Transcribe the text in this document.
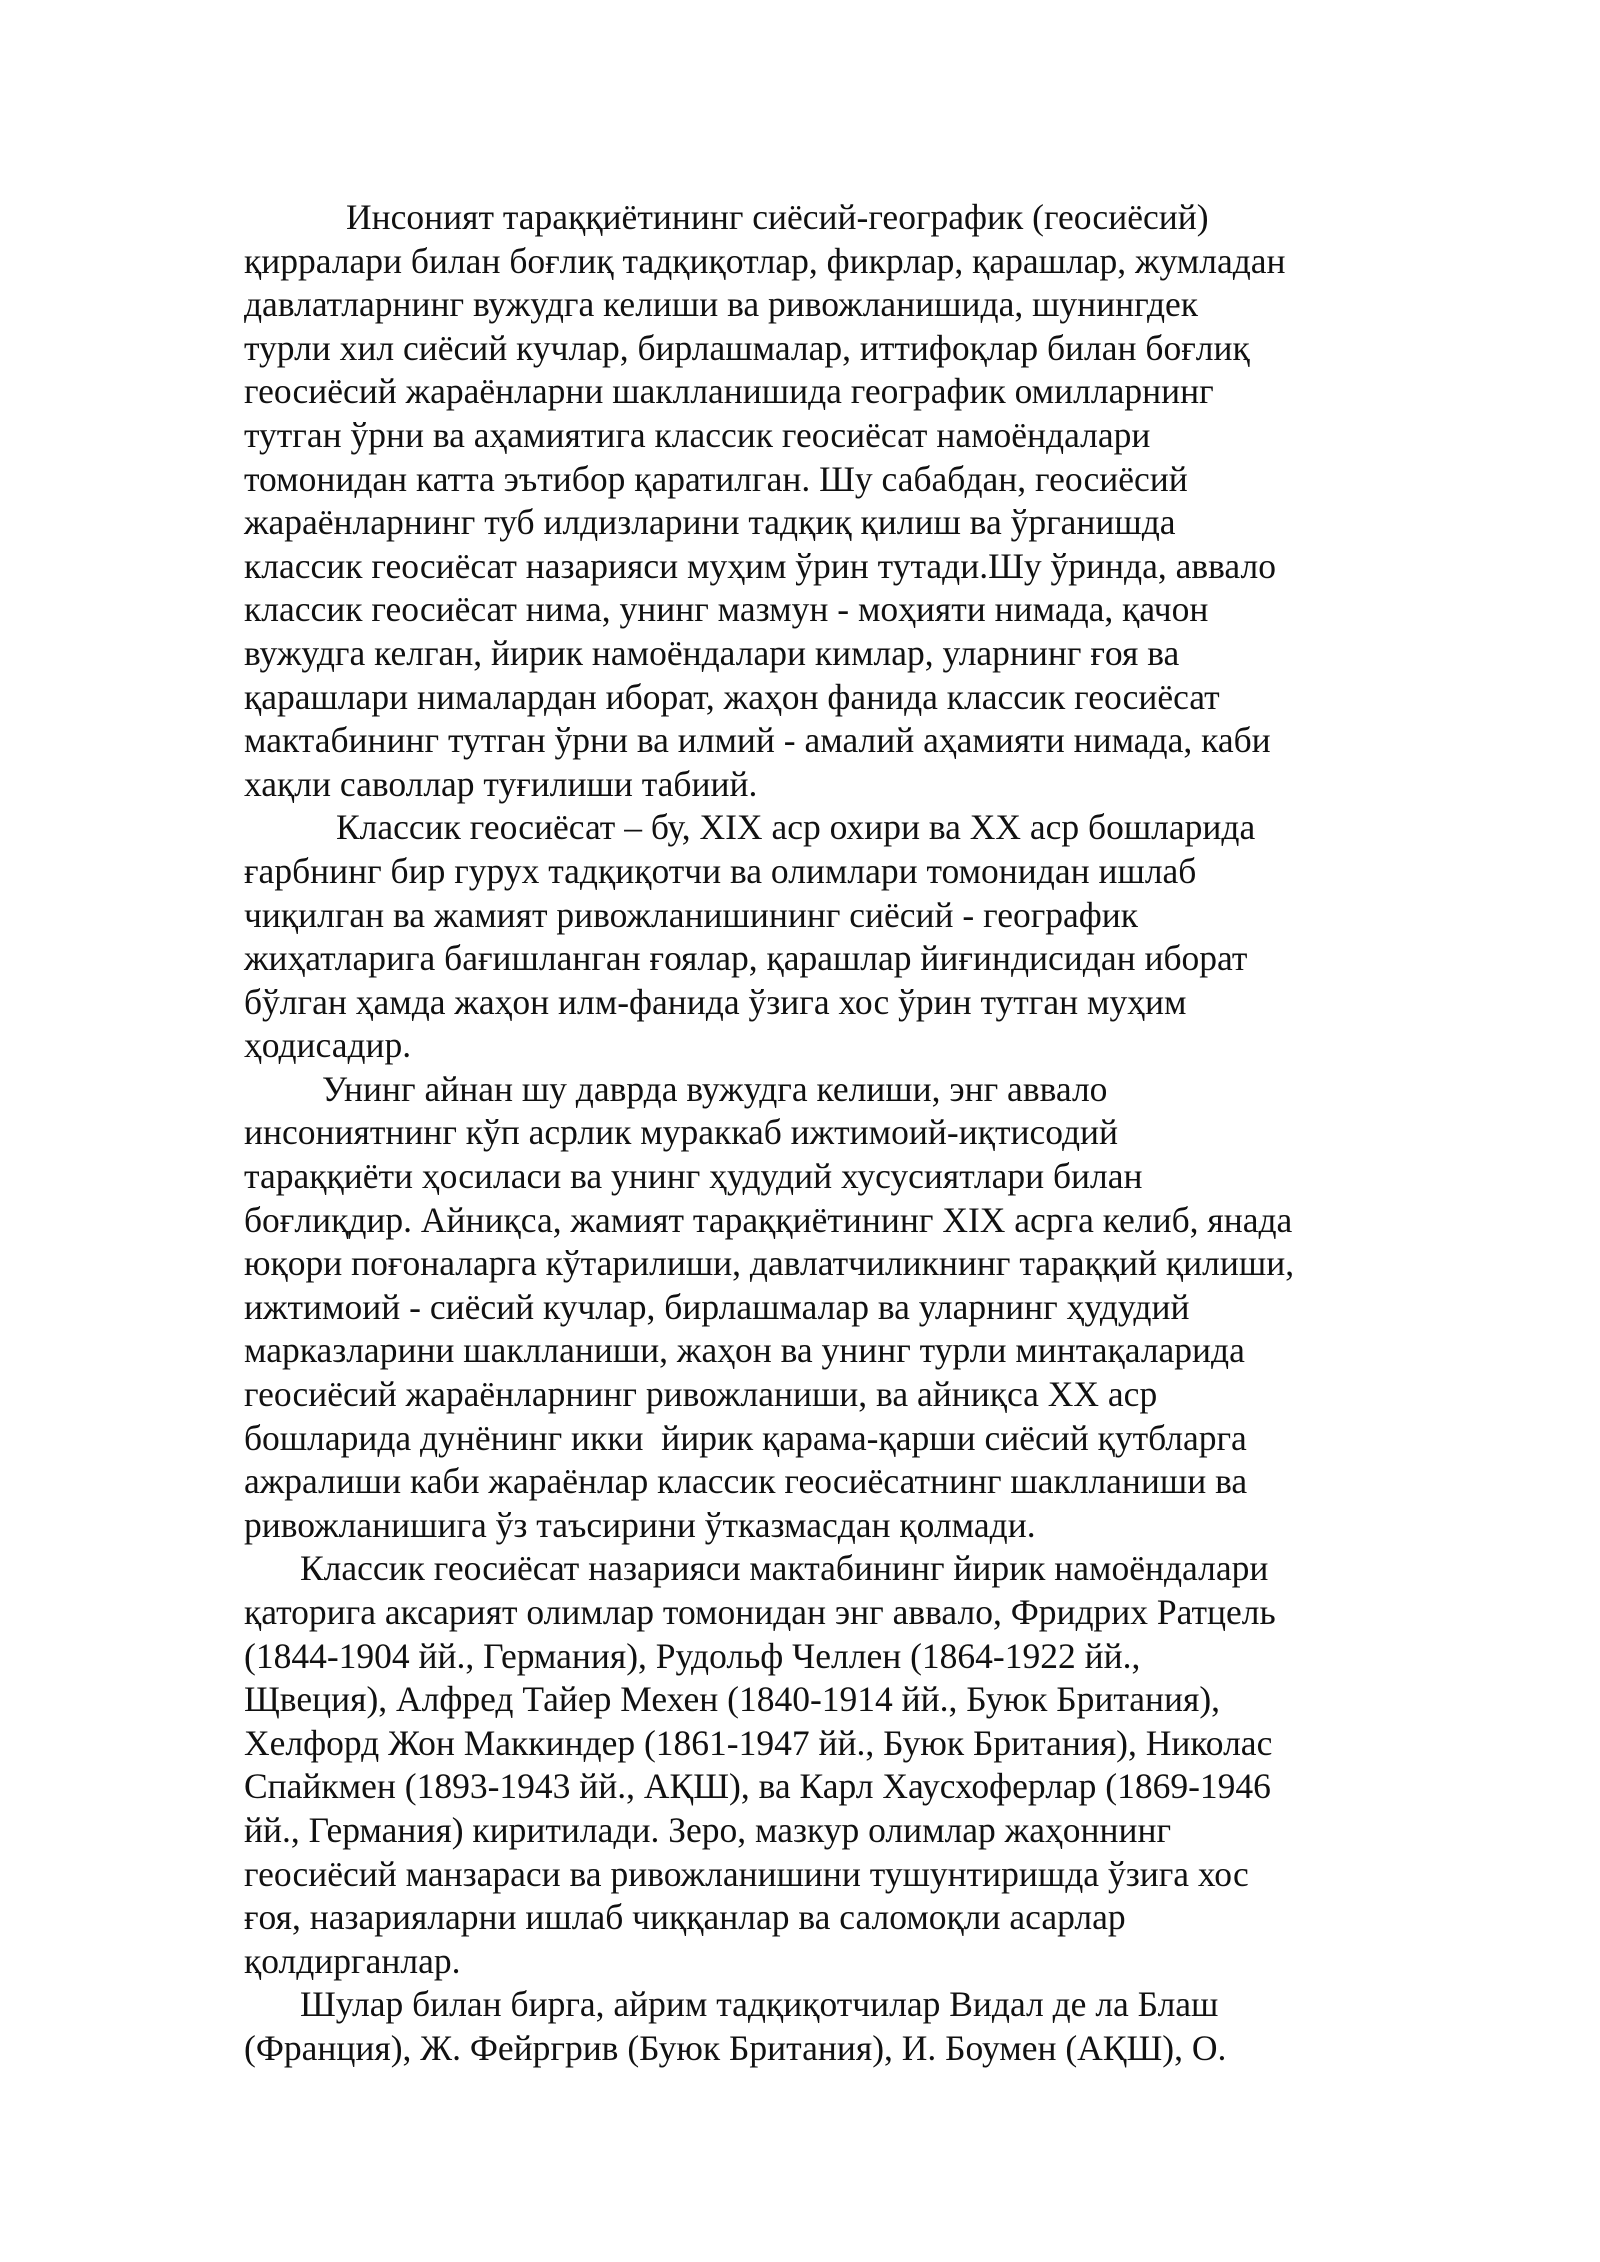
Инсоният тараққиётининг сиёсий-географик (геосиёсий)
қирралари билан боғлиқ тадқиқотлар, фикрлар, қарашлар, жумладан
давлатларнинг вужудга келиши ва ривожланишида, шунингдек
турли хил сиёсий кучлар, бирлашмалар, иттифоқлар билан боғлиқ
геосиёсий жараёнларни шаклланишида географик омилларнинг
тутган ўрни ва аҳамиятига классик геосиёсат намоёндалари
томонидан катта эътибор қаратилган. Шу сабабдан, геосиёсий
жараёнларнинг туб илдизларини тадқиқ қилиш ва ўрганишда
классик геосиёсат назарияси муҳим ўрин тутади.Шу ўринда, аввало
классик геосиёсат нима, унинг мазмун - моҳияти нимада, қачон
вужудга келган, йирик намоёндалари кимлар, уларнинг ғоя ва
қарашлари нималардан иборат, жаҳон фанида классик геосиёсат
мактабининг тутган ўрни ва илмий - амалий аҳамияти нимада, каби
хақли саволлар туғилиши табиий.
Классик геосиёсат – бу, XIX аср охири ва XX аср бошларида
ғарбнинг бир гурух тадқиқотчи ва олимлари томонидан ишлаб
чиқилган ва жамият ривожланишининг сиёсий - географик
жиҳатларига бағишланган ғоялар, қарашлар йиғиндисидан иборат
бўлган ҳамда жаҳон илм-фанида ўзига хос ўрин тутган муҳим
ҳодисадир.
Унинг айнан шу даврда вужудга келиши, энг аввало
инсониятнинг кўп асрлик мураккаб ижтимоий-иқтисодий
тараққиёти ҳосиласи ва унинг ҳудудий хусусиятлари билан
боғлиқдир. Айниқса, жамият тараққиётининг XIX асрга келиб, янада
юқори поғоналарга кўтарилиши, давлатчиликнинг тараққий қилиши,
ижтимоий - сиёсий кучлар, бирлашмалар ва уларнинг ҳудудий
марказларини шаклланиши, жаҳон ва унинг турли минтақаларида
геосиёсий жараёнларнинг ривожланиши, ва айниқса XX аср
бошларида дунёнинг икки  йирик қарама-қарши сиёсий қутбларга
ажралиши каби жараёнлар классик геосиёсатнинг шаклланиши ва
ривожланишига ўз таъсирини ўтказмасдан қолмади.
Классик геосиёсат назарияси мактабининг йирик намоёндалари
қаторига аксарият олимлар томонидан энг аввало, Фридрих Ратцель
(1844-1904 йй., Германия), Рудольф Челлен (1864-1922 йй.,
Щвеция), Алфред Тайер Мехен (1840-1914 йй., Буюк Британия),
Хелфорд Жон Маккиндер (1861-1947 йй., Буюк Британия), Николас
Спайкмен (1893-1943 йй., АҚШ), ва Карл Хаусхоферлар (1869-1946
йй., Германия) киритилади. Зеро, мазкур олимлар жаҳоннинг
геосиёсий манзараси ва ривожланишини тушунтиришда ўзига хос
ғоя, назарияларни ишлаб чиққанлар ва саломоқли асарлар
қолдирганлар.
Шулар билан бирга, айрим тадқиқотчилар Видал де ла Блаш
(Франция), Ж. Фейргрив (Буюк Британия), И. Боумен (АҚШ), О.
